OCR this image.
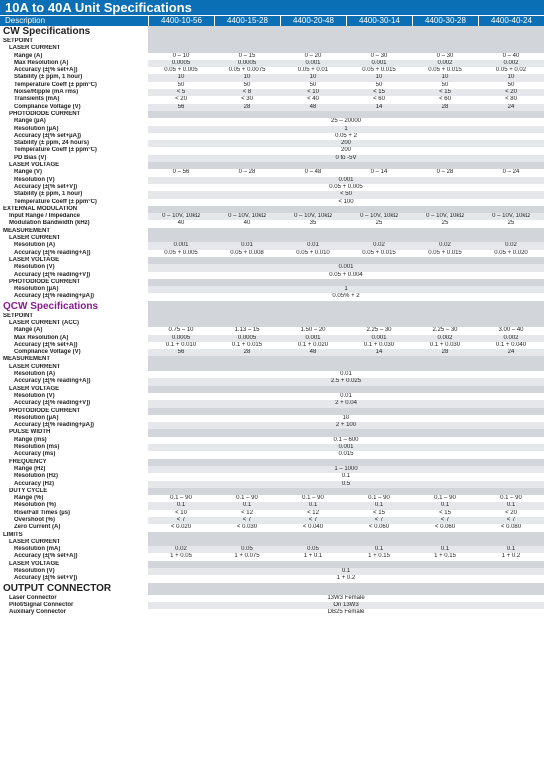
10A to 40A Unit Specifications
Description	4400-10-56	4400-15-28	4400-20-48	4400-30-14	4400-30-28	4400-40-24
CW Specifications
SETPOINT
LASER CURRENT
Range (A)	0 – 10	0 – 15	0 – 20	0 – 30	0 – 30	0 – 40
Max Resolution (A)	0.0005	0.0005	0.001	0.001	0.002	0.002
Accuracy (±[% set+A])	0.05 + 0.005	0.05 + 0.0075	0.05 + 0.01	0.05 + 0.015	0.05 + 0.015	0.05 + 0.02
Stability (± ppm, 1 hour)	10	10	10	10	10	10
Temperature Coeff (± ppm°C)	50	50	50	50	50	50
Noise/Ripple (mA rms)	< 5	< 8	< 10	< 15	< 15	< 20
Transients (mA)	< 20	< 30	< 40	< 60	< 60	< 80
Compliance Voltage (V)	56	28	48	14	28	24
PHOTODIODE CURRENT
Range (µA)	25 – 20000
Resolution (µA)	1
Accuracy (±[% set+µA])	0.05 + 2
Stability (± ppm, 24 hours)	200
Temperature Coeff (± ppm°C)	200
PD Bias (V)	0 to -5V
LASER VOLTAGE
Range (V)	0 – 56	0 – 28	0 – 48	0 – 14	0 – 28	0 – 24
Resolution (V)	0.001
Accuracy (±[% set+V])	0.05 + 0.005
Stability (± ppm, 1 hour)	< 50
Temperature Coeff (± ppm°C)	< 100
EXTERNAL MODULATION
Input Range / Impedance	0 – 10V, 10kΩ	0 – 10V, 10kΩ	0 – 10V, 10kΩ	0 – 10V, 10kΩ	0 – 10V, 10kΩ	0 – 10V, 10kΩ
Modulation Bandwidth (kHz)	40	40	35	25	25	25
MEASUREMENT
LASER CURRENT
Resolution (A)	0.001	0.01	0.01	0.02	0.02	0.02
Accuracy (±[% reading+A])	0.05 + 0.005	0.05 + 0.008	0.05 + 0.010	0.05 + 0.015	0.05 + 0.015	0.05 + 0.020
LASER VOLTAGE
Resolution (V)	0.001
Accuracy (±[% reading+V])	0.05 + 0.004
PHOTODIODE CURRENT
Resolution (µA)	1
Accuracy (±[% reading+µA])	0.05% + 2
QCW Specifications
SETPOINT
LASER CURRENT (ACC)
Range (A)	0.75 – 10	1.13 – 15	1.50 – 20	2.25 – 30	2.25 – 30	3.00 – 40
Max Resolution (A)	0.0005	0.0005	0.001	0.001	0.002	0.002
Accuracy (±[% set+A])	0.1 + 0.010	0.1 + 0.015	0.1 + 0.020	0.1 + 0.030	0.1 + 0.030	0.1 + 0.040
Compliance Voltage (V)	56	28	48	14	28	24
MEASUREMENT
LASER CURRENT
Resolution (A)	0.01
Accuracy (±[% reading+A])	2.5 + 0.025
LASER VOLTAGE
Resolution (V)	0.01
Accuracy (±[% reading+V])	2 + 0.04
PHOTODIODE CURRENT
Resolution (µA)	10
Accuracy (±[% reading+µA])	2 + 100
PULSE WIDTH
Range (ms)	0.1 – 600
Resolution (ms)	0.001
Accuracy (ms)	0.015
FREQUENCY
Range (Hz)	1 – 1000
Resolution (Hz)	0.1
Accuracy (Hz)	0.5
DUTY CYCLE
Range (%)	0.1 – 90	0.1 – 90	0.1 – 90	0.1 – 90	0.1 – 90	0.1 – 90
Resolution (%)	0.1	0.1	0.1	0.1	0.1	0.1
Rise/Fall Times (µs)	< 10	< 12	< 12	< 15	< 15	< 20
Overshoot (%)	< 7	< 7	< 7	< 7	< 7	< 7
Zero Current (A)	< 0.020	< 0.030	< 0.040	< 0.060	< 0.060	< 0.080
LIMITS
LASER CURRENT
Resolution (mA)	0.02	0.05	0.05	0.1	0.1	0.1
Accuracy (±[% set+A])	1 + 0.05	1 + 0.075	1 + 0.1	1 + 0.15	1 + 0.15	1 + 0.2
LASER VOLTAGE
Resolution (V)	0.1
Accuracy (±[% set+V])	1 + 0.2
OUTPUT CONNECTOR
Laser Connector	13W3 Female
Pilot/Signal Connector	On 13W3
Auxiliary Connector	DB25 Female
